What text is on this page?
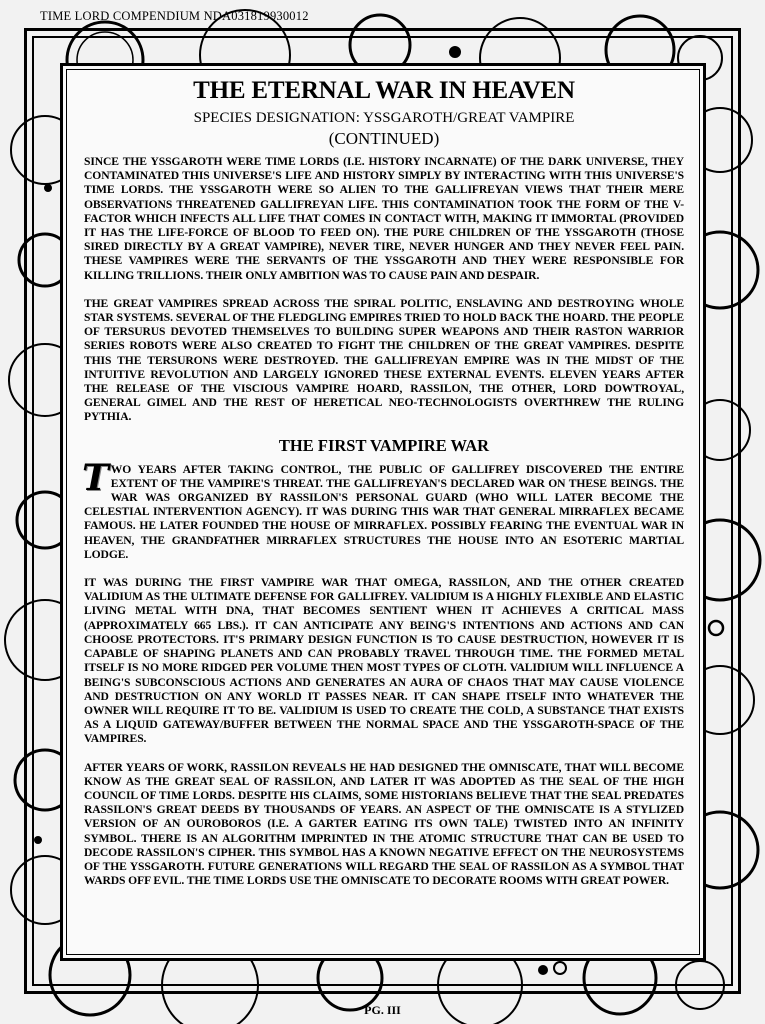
TIME LORD COMPENDIUM NDA031819930012
THE ETERNAL WAR IN HEAVEN

SPECIES DESIGNATION: YSSGAROTH/GREAT VAMPIRE

(CONTINUED)

SINCE THE YSSGAROTH WERE TIME LORDS (I.E. HISTORY INCARNATE) OF THE DARK UNIVERSE, THEY CONTAMINATED THIS UNIVERSE'S LIFE AND HISTORY SIMPLY BY INTERACTING WITH THIS UNIVERSE'S TIME LORDS. THE YSSGAROTH WERE SO ALIEN TO THE GALLIFREYAN VIEWS THAT THEIR MERE OBSERVATIONS THREATENED GALLIFREYAN LIFE. THIS CONTAMINATION TOOK THE FORM OF THE V-FACTOR WHICH INFECTS ALL LIFE THAT COMES IN CONTACT WITH, MAKING IT IMMORTAL (PROVIDED IT HAS THE LIFE-FORCE OF BLOOD TO FEED ON). THE PURE CHILDREN OF THE YSSGAROTH (THOSE SIRED DIRECTLY BY A GREAT VAMPIRE), NEVER TIRE, NEVER HUNGER AND THEY NEVER FEEL PAIN. THESE VAMPIRES WERE THE SERVANTS OF THE YSSGAROTH AND THEY WERE RESPONSIBLE FOR KILLING TRILLIONS. THEIR ONLY AMBITION WAS TO CAUSE PAIN AND DESPAIR.

THE GREAT VAMPIRES SPREAD ACROSS THE SPIRAL POLITIC, ENSLAVING AND DESTROYING WHOLE STAR SYSTEMS. SEVERAL OF THE FLEDGLING EMPIRES TRIED TO HOLD BACK THE HOARD. THE PEOPLE OF TERSURUS DEVOTED THEMSELVES TO BUILDING SUPER WEAPONS AND THEIR RASTON WARRIOR SERIES ROBOTS WERE ALSO CREATED TO FIGHT THE CHILDREN OF THE GREAT VAMPIRES. DESPITE THIS THE TERSURONS WERE DESTROYED. THE GALLIFREYAN EMPIRE WAS IN THE MIDST OF THE INTUITIVE REVOLUTION AND LARGELY IGNORED THESE EXTERNAL EVENTS. ELEVEN YEARS AFTER THE RELEASE OF THE VISCIOUS VAMPIRE HOARD, RASSILON, THE OTHER, LORD DOWTROYAL, GENERAL GIMEL AND THE REST OF HERETICAL NEO-TECHNOLOGISTS OVERTHREW THE RULING PYTHIA.

THE FIRST VAMPIRE WAR

TWO YEARS AFTER TAKING CONTROL, THE PUBLIC OF GALLIFREY DISCOVERED THE ENTIRE EXTENT OF THE VAMPIRE'S THREAT. THE GALLIFREYAN'S DECLARED WAR ON THESE BEINGS. THE WAR WAS ORGANIZED BY RASSILON'S PERSONAL GUARD (WHO WILL LATER BECOME THE CELESTIAL INTERVENTION AGENCY). IT WAS DURING THIS WAR THAT GENERAL MIRRAFLEX BECAME FAMOUS. HE LATER FOUNDED THE HOUSE OF MIRRAFLEX. POSSIBLY FEARING THE EVENTUAL WAR IN HEAVEN, THE GRANDFATHER MIRRAFLEX STRUCTURES THE HOUSE INTO AN ESOTERIC MARTIAL LODGE.

IT WAS DURING THE FIRST VAMPIRE WAR THAT OMEGA, RASSILON, AND THE OTHER CREATED VALIDIUM AS THE ULTIMATE DEFENSE FOR GALLIFREY. VALIDIUM IS A HIGHLY FLEXIBLE AND ELASTIC LIVING METAL WITH DNA, THAT BECOMES SENTIENT WHEN IT ACHIEVES A CRITICAL MASS (APPROXIMATELY 665 LBS.). IT CAN ANTICIPATE ANY BEING'S INTENTIONS AND ACTIONS AND CAN CHOOSE PROTECTORS. IT'S PRIMARY DESIGN FUNCTION IS TO CAUSE DESTRUCTION, HOWEVER IT IS CAPABLE OF SHAPING PLANETS AND CAN PROBABLY TRAVEL THROUGH TIME. THE FORMED METAL ITSELF IS NO MORE RIDGED PER VOLUME THEN MOST TYPES OF CLOTH. VALIDIUM WILL INFLUENCE A BEING'S SUBCONSCIOUS ACTIONS AND GENERATES AN AURA OF CHAOS THAT MAY CAUSE VIOLENCE AND DESTRUCTION ON ANY WORLD IT PASSES NEAR. IT CAN SHAPE ITSELF INTO WHATEVER THE OWNER WILL REQUIRE IT TO BE. VALIDIUM IS USED TO CREATE THE COLD, A SUBSTANCE THAT EXISTS AS A LIQUID GATEWAY/BUFFER BETWEEN THE NORMAL SPACE AND THE YSSGAROTH-SPACE OF THE VAMPIRES.

AFTER YEARS OF WORK, RASSILON REVEALS HE HAD DESIGNED THE OMNISCATE, THAT WILL BECOME KNOW AS THE GREAT SEAL OF RASSILON, AND LATER IT WAS ADOPTED AS THE SEAL OF THE HIGH COUNCIL OF TIME LORDS. DESPITE HIS CLAIMS, SOME HISTORIANS BELIEVE THAT THE SEAL PREDATES RASSILON'S GREAT DEEDS BY THOUSANDS OF YEARS. AN ASPECT OF THE OMNISCATE IS A STYLIZED VERSION OF AN OUROBOROS (I.E. A GARTER EATING ITS OWN TALE) TWISTED INTO AN INFINITY SYMBOL. THERE IS AN ALGORITHM IMPRINTED IN THE ATOMIC STRUCTURE THAT CAN BE USED TO DECODE RASSILON'S CIPHER. THIS SYMBOL HAS A KNOWN NEGATIVE EFFECT ON THE NEUROSYSTEMS OF THE YSSGAROTH. FUTURE GENERATIONS WILL REGARD THE SEAL OF RASSILON AS A SYMBOL THAT WARDS OFF EVIL. THE TIME LORDS USE THE OMNISCATE TO DECORATE ROOMS WITH GREAT POWER.

PG. III
